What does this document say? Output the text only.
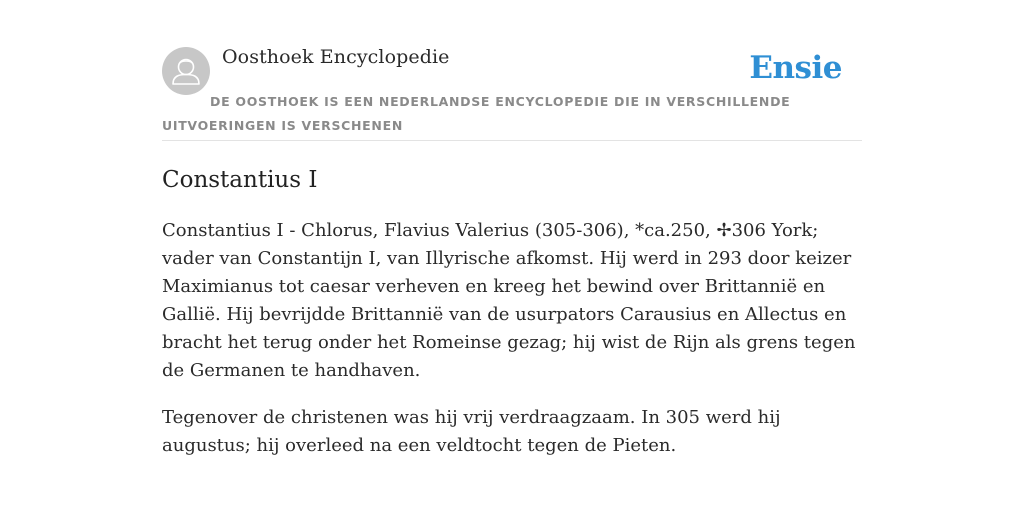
Oosthoek Encyclopedie	Ensie
DE OOSTHOEK IS EEN NEDERLANDSE ENCYCLOPEDIE DIE IN VERSCHILLENDE UITVOERINGEN IS VERSCHENEN
Constantius I

Constantius I - Chlorus, Flavius Valerius (305-306), *ca.250, ✢306 York; vader van Constantijn I, van Illyrische afkomst. Hij werd in 293 door keizer Maximianus tot caesar verheven en kreeg het bewind over Brittannië en Gallië. Hij bevrijdde Brittannië van de usurpators Carausius en Allectus en bracht het terug onder het Romeinse gezag; hij wist de Rijn als grens tegen de Germanen te handhaven.

Tegenover de christenen was hij vrij verdraagzaam. In 305 werd hij augustus; hij overleed na een veldtocht tegen de Pieten.
